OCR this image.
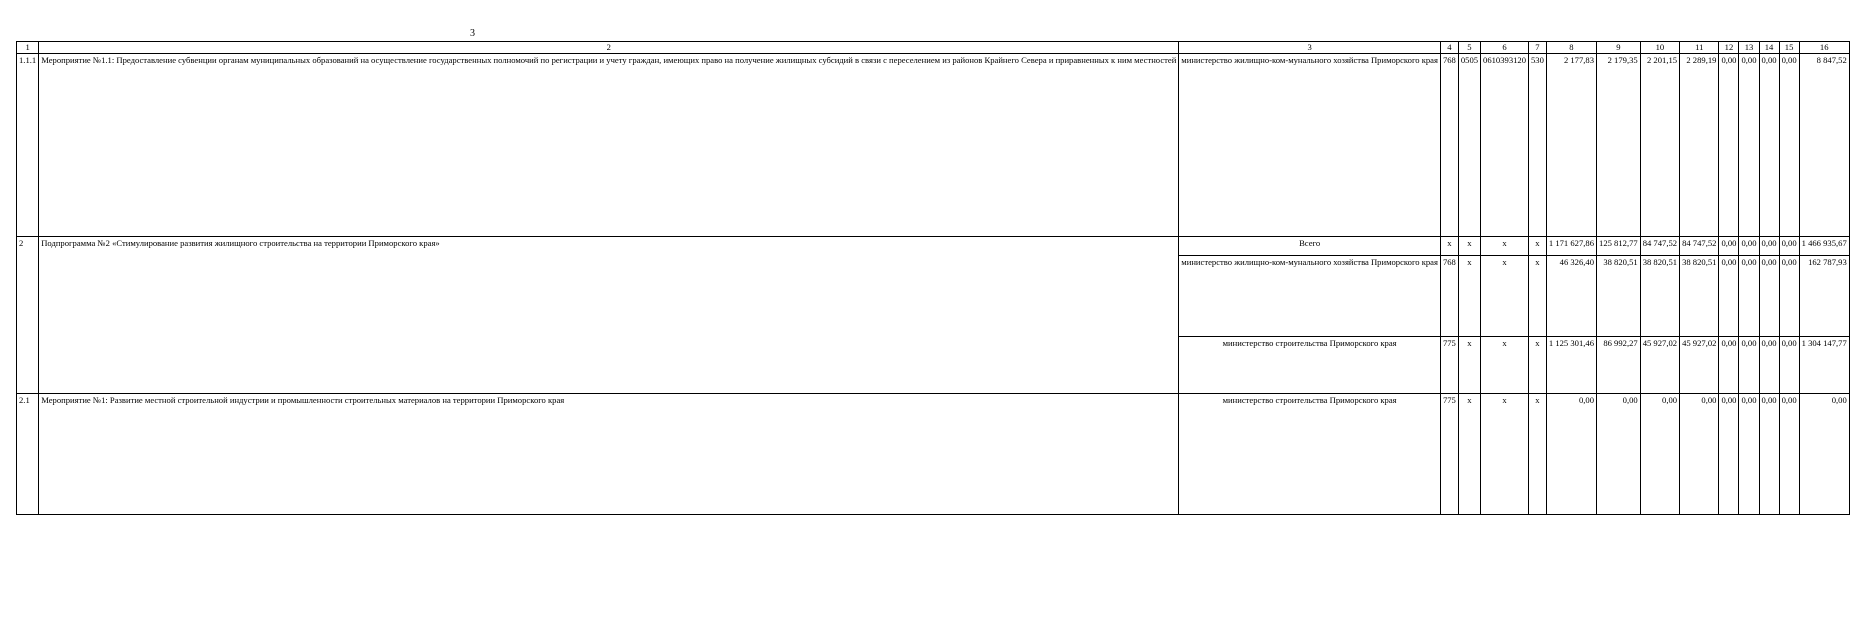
3
1	2	3	4	5	6	7	8	9	10	11	12	13	14	15	16
1.1.1	Мероприятие №1.1: Предоставление субвенции органам муниципальных образований на осуществление государственных полномочий по регистрации и учету граждан, имеющих право на получение жилищных субсидий в связи с переселением из районов Крайнего Севера и приравненных к ним местностей	министерство жилищно-ком-мунального хозяйства Приморского края	768	0505	0610393120	530	2 177,83	2 179,35	2 201,15	2 289,19	0,00	0,00	0,00	0,00	8 847,52
2	Подпрограмма №2 «Стимулирование развития жилищного строительства на территории Приморского края»	Всего	x	x	x	x	1 171 627,86	125 812,77	84 747,52	84 747,52	0,00	0,00	0,00	0,00	1 466 935,67
		министерство жилищно-ком-мунального хозяйства Приморского края	768	x	x	x	46 326,40	38 820,51	38 820,51	38 820,51	0,00	0,00	0,00	0,00	162 787,93
		министерство строительства Приморского края	775	x	x	x	1 125 301,46	86 992,27	45 927,02	45 927,02	0,00	0,00	0,00	0,00	1 304 147,77
2.1	Мероприятие №1: Развитие местной строительной индустрии и промышленности строительных материалов на территории Приморского края	министерство строительства Приморского края	775	x	x	x	0,00	0,00	0,00	0,00	0,00	0,00	0,00	0,00	0,00
